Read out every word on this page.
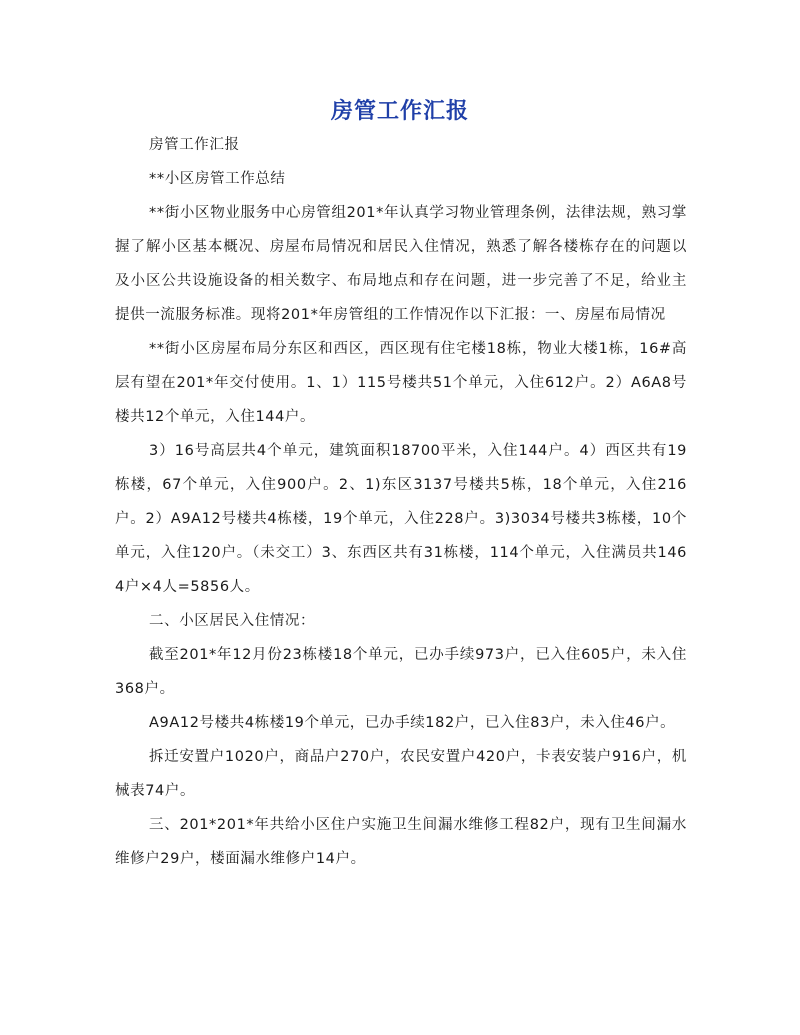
房管工作汇报

房管工作汇报

**小区房管工作总结

**街小区物业服务中心房管组201*年认真学习物业管理条例，法律法规，熟习掌握了解小区基本概况、房屋布局情况和居民入住情况，熟悉了解各楼栋存在的问题以及小区公共设施设备的相关数字、布局地点和存在问题，进一步完善了不足，给业主提供一流服务标准。现将201*年房管组的工作情况作以下汇报：一、房屋布局情况

**街小区房屋布局分东区和西区，西区现有住宅楼18栋，物业大楼1栋，16#高层有望在201*年交付使用。1、1）115号楼共51个单元，入住612户。2）A6A8号楼共12个单元，入住144户。

3）16号高层共4个单元，建筑面积18700平米，入住144户。4）西区共有19栋楼，67个单元，入住900户。2、1)东区3137号楼共5栋，18个单元，入住216户。2）A9A12号楼共4栋楼，19个单元，入住228户。3)3034号楼共3栋楼，10个单元，入住120户。（未交工）3、东西区共有31栋楼，114个单元，入住满员共1464户×4人=5856人。

二、小区居民入住情况：

截至201*年12月份23栋楼18个单元，已办手续973户，已入住605户，未入住368户。

A9A12号楼共4栋楼19个单元，已办手续182户，已入住83户，未入住46户。

拆迁安置户1020户，商品户270户，农民安置户420户，卡表安装户916户，机械表74户。

三、201*201*年共给小区住户实施卫生间漏水维修工程82户，现有卫生间漏水维修户29户，楼面漏水维修户14户。
